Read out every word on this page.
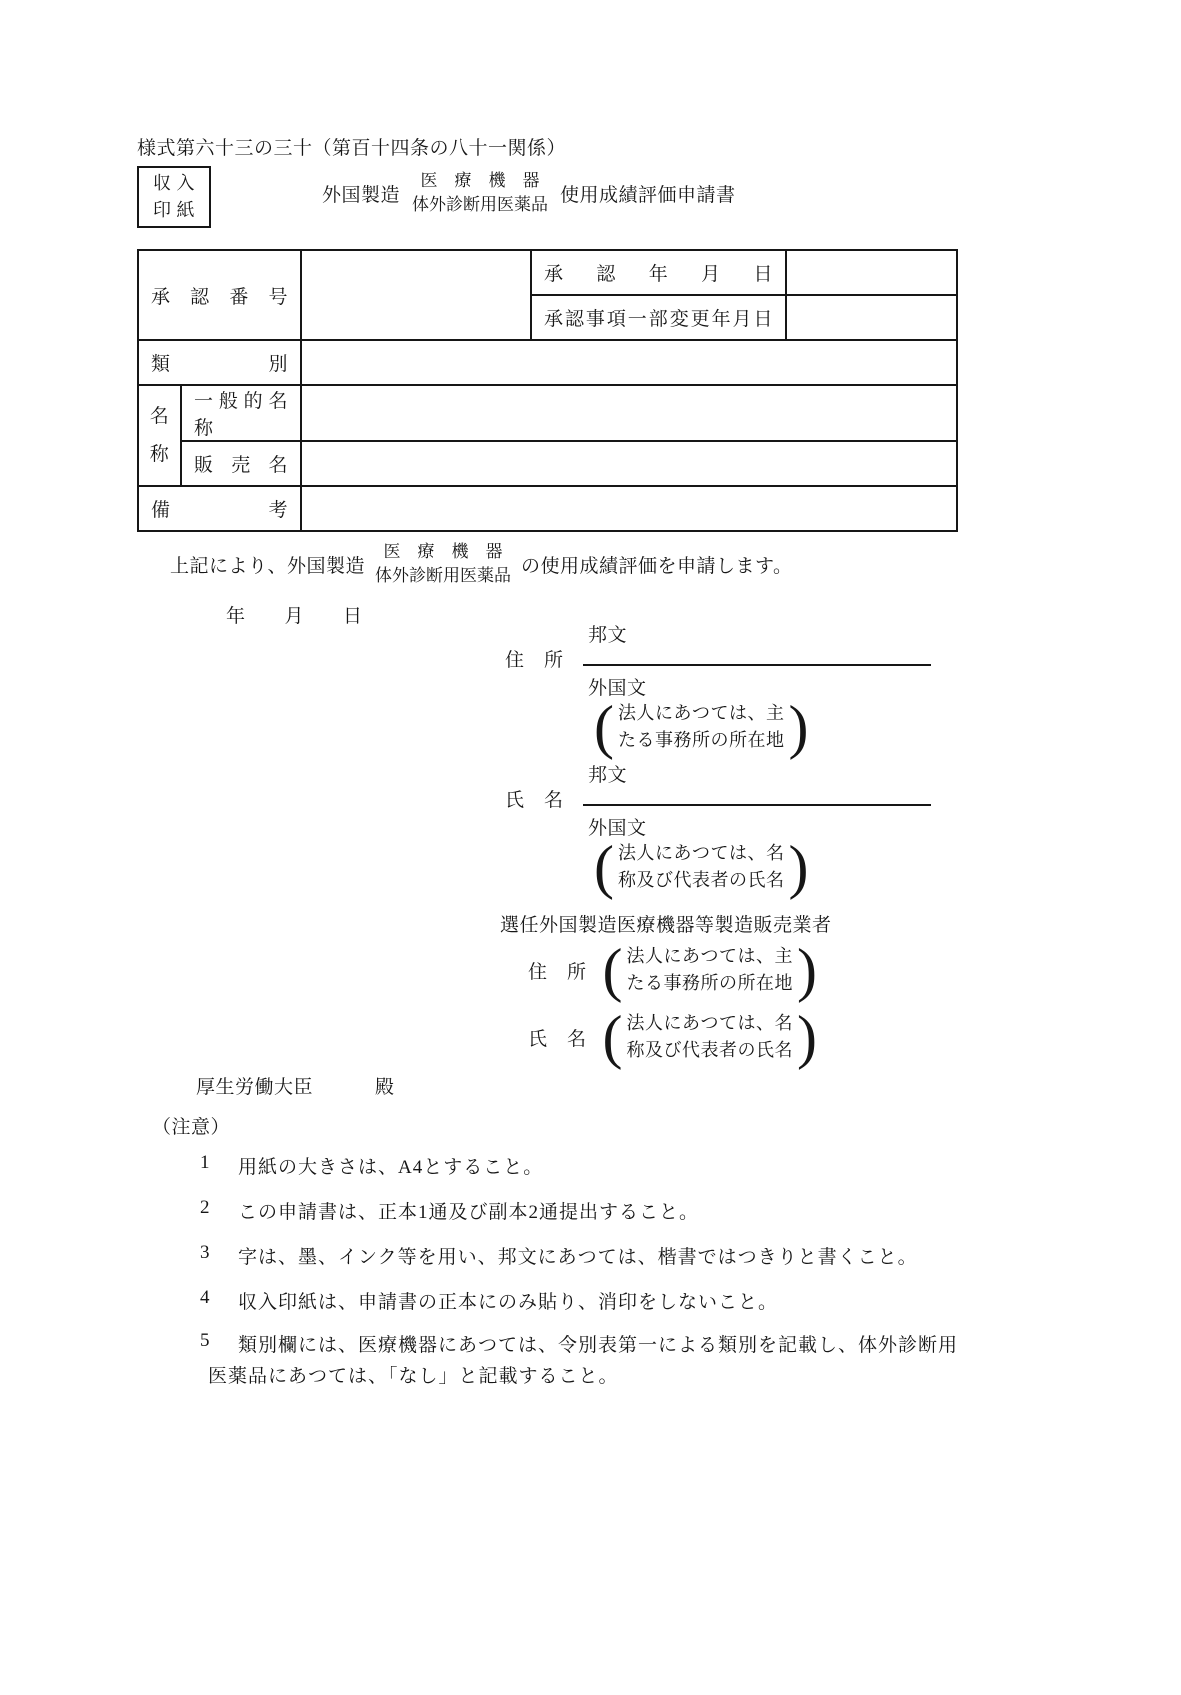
様式第六十三の三十（第百十四条の八十一関係）
収 入
印 紙
外国製造
医　療　機　器
体外診断用医薬品 使用成績評価申請書
承認番号			承認年月日	
			承認事項一部変更年月日	
類別				

名
称	一般的名称			
	販売名			
備考				
上記により、外国製造
医　療　機　器
体外診断用医薬品 の使用成績評価を申請します。
年　　月　　日
邦文
住　所
外国文
( 法人にあつては、主
たる事務所の所在地 )
邦文
氏　名
外国文
( 法人にあつては、名
称及び代表者の氏名 )
選任外国製造医療機器等製造販売業者
住　所 ( 法人にあつては、主
たる事務所の所在地 )
氏　名 ( 法人にあつては、名
称及び代表者の氏名 )
厚生労働大臣	殿
（注意）
1	用紙の大きさは、A4とすること。
2	この申請書は、正本1通及び副本2通提出すること。
3	字は、墨、インク等を用い、邦文にあつては、楷書ではつきりと書くこと。
4	収入印紙は、申請書の正本にのみ貼り、消印をしないこと。
5	類別欄には、医療機器にあつては、令別表第一による類別を記載し、体外診断用
医薬品にあつては、「なし」と記載すること。
